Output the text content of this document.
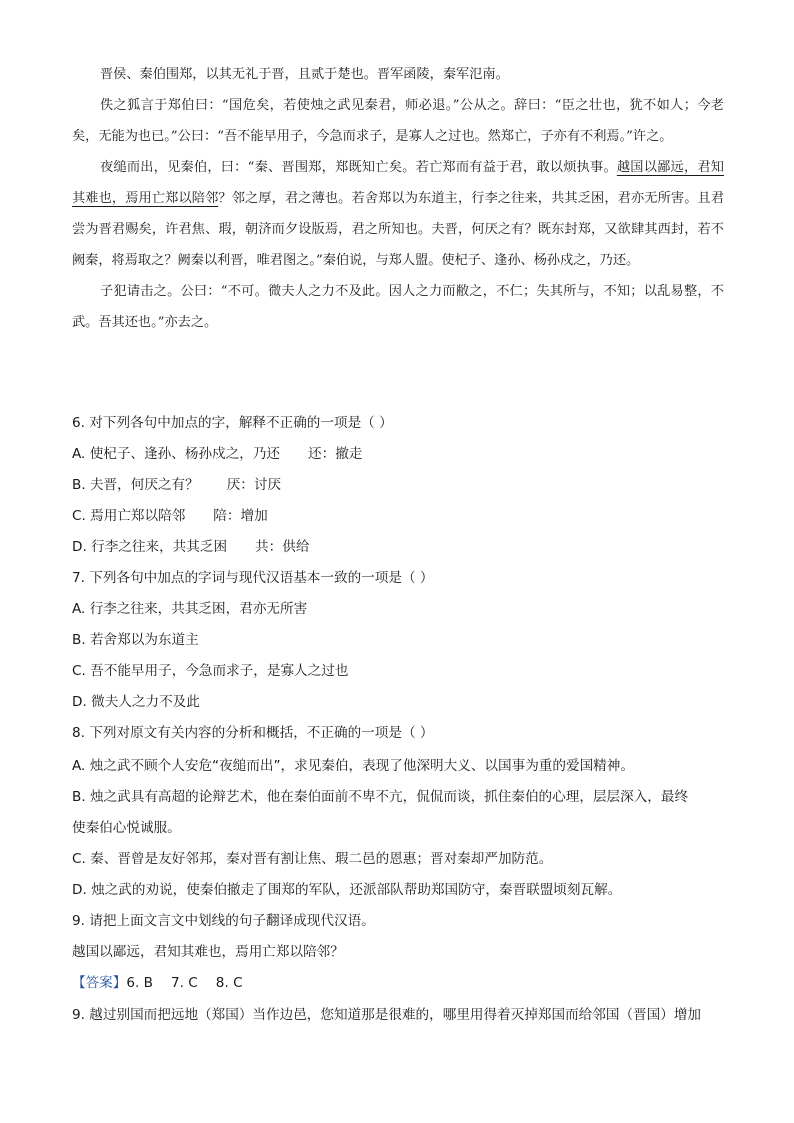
晋侯、秦伯围郑，以其无礼于晋，且贰于楚也。晋军函陵，秦军氾南。

佚之狐言于郑伯曰：“国危矣，若使烛之武见秦君，师必退。”公从之。辞曰：“臣之壮也，犹不如人；今老矣，无能为也已。”公曰：“吾不能早用子，今急而求子，是寡人之过也。然郑亡，子亦有不利焉。”许之。

夜缒而出，见秦伯，曰：“秦、晋围郑，郑既知亡矣。若亡郑而有益于君，敢以烦执事。越国以鄙远，君知其难也，焉用亡郑以陪邻？邻之厚，君之薄也。若舍郑以为东道主，行李之往来，共其乏困，君亦无所害。且君尝为晋君赐矣，许君焦、瑕，朝济而夕设版焉，君之所知也。夫晋，何厌之有？既东封郑，又欲肆其西封，若不阙秦，将焉取之？阙秦以利晋，唯君图之。”秦伯说，与郑人盟。使杞子、逢孙、杨孙戍之，乃还。

子犯请击之。公曰：“不可。微夫人之力不及此。因人之力而敝之，不仁；失其所与，不知；以乱易整，不武。吾其还也。”亦去之。

6. 对下列各句中加点的字，解释不正确的一项是（ ）
A. 使杞子、逢孙、杨孙戍之，乃还 还：撤走
B. 夫晋，何厌之有？ 厌：讨厌
C. 焉用亡郑以陪邻 陪：增加
D. 行李之往来，共其乏困 共：供给
7. 下列各句中加点的字词与现代汉语基本一致的一项是（ ）
A. 行李之往来，共其乏困，君亦无所害
B. 若舍郑以为东道主
C. 吾不能早用子，今急而求子，是寡人之过也
D. 微夫人之力不及此
8. 下列对原文有关内容的分析和概括，不正确的一项是（ ）
A. 烛之武不顾个人安危“夜缒而出”，求见秦伯，表现了他深明大义、以国事为重的爱国精神。
B. 烛之武具有高超的论辩艺术，他在秦伯面前不卑不亢，侃侃而谈，抓住秦伯的心理，层层深入，最终
使秦伯心悦诚服。
C. 秦、晋曾是友好邻邦，秦对晋有割让焦、瑕二邑的恩惠；晋对秦却严加防范。
D. 烛之武的劝说，使秦伯撤走了围郑的军队，还派部队帮助郑国防守，秦晋联盟顷刻瓦解。
9. 请把上面文言文中划线的句子翻译成现代汉语。
越国以鄙远，君知其难也，焉用亡郑以陪邻？
【答案】6. B 7. C 8. C
9. 越过别国而把远地（郑国）当作边邑，您知道那是很难的，哪里用得着灭掉郑国而给邻国（晋国）增加
